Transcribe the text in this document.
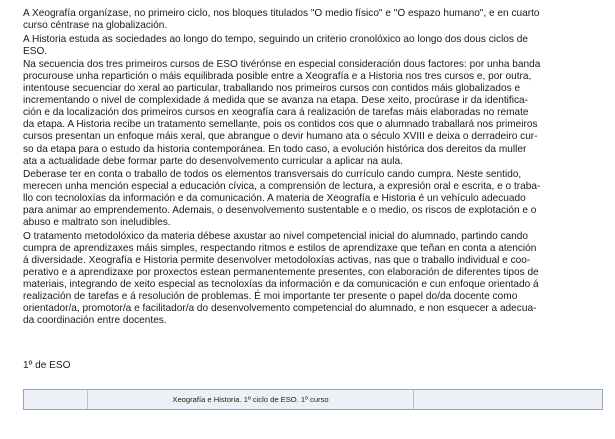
A Xeografía organízase, no primeiro ciclo, nos bloques titulados "O medio físico" e "O espazo humano", e en cuarto
curso céntrase na globalización.

A Historia estuda as sociedades ao longo do tempo, seguindo un criterio cronolóxico ao longo dos dous ciclos de
ESO.

Na secuencia dos tres primeiros cursos de ESO tivérónse en especial consideración dous factores: por unha banda
procurouse unha repartición o máis equilibrada posible entre a Xeografía e a Historia nos tres cursos e, por outra,
intentouse secuenciar do xeral ao particular, traballando nos primeiros cursos con contidos máis globalizados e
incrementando o nivel de complexidade á medida que se avanza na etapa. Dese xeito, procúrase ir da identifica-
ción e da localización dos primeiros cursos en xeografía cara á realización de tarefas máis elaboradas no remate
da etapa. A Historia recibe un tratamento semellante, pois os contidos cos que o alumnado traballará nos primeiros
cursos presentan un enfoque máis xeral, que abrangue o devir humano ata o século XVIII e deixa o derradeiro cur-
so da etapa para o estudo da historia contemporánea. En todo caso, a evolución histórica dos dereitos da muller
ata a actualidade debe formar parte do desenvolvemento curricular a aplicar na aula.

Deberase ter en conta o traballo de todos os elementos transversais do currículo cando cumpra. Neste sentido,
merecen unha mención especial a educación cívica, a comprensión de lectura, a expresión oral e escrita, e o traba-
llo con tecnoloxías da información e da comunicación. A materia de Xeografía e Historia é un vehículo adecuado
para animar ao emprendemento. Ademais, o desenvolvemento sustentable e o medio, os riscos de explotación e o
abuso e maltrato son ineludibles.

O tratamento metodolóxico da materia débese axustar ao nivel competencial inicial do alumnado, partindo cando
cumpra de aprendizaxes máis simples, respectando ritmos e estilos de aprendizaxe que teñan en conta a atención
á diversidade. Xeografía e Historia permite desenvolver metodoloxías activas, nas que o traballo individual e coo-
perativo e a aprendizaxe por proxectos estean permanentemente presentes, con elaboración de diferentes tipos de
materiais, integrando de xeito especial as tecnoloxías da información e da comunicación e cun enfoque orientado á
realización de tarefas e á resolución de problemas. É moi importante ter presente o papel do/da docente como
orientador/a, promotor/a e facilitador/a do desenvolvemento competencial do alumnado, e non esquecer a adecua-
da coordinación entre docentes.

1º de ESO

Xeografía e Historia. 1º ciclo de ESO. 1º curso
